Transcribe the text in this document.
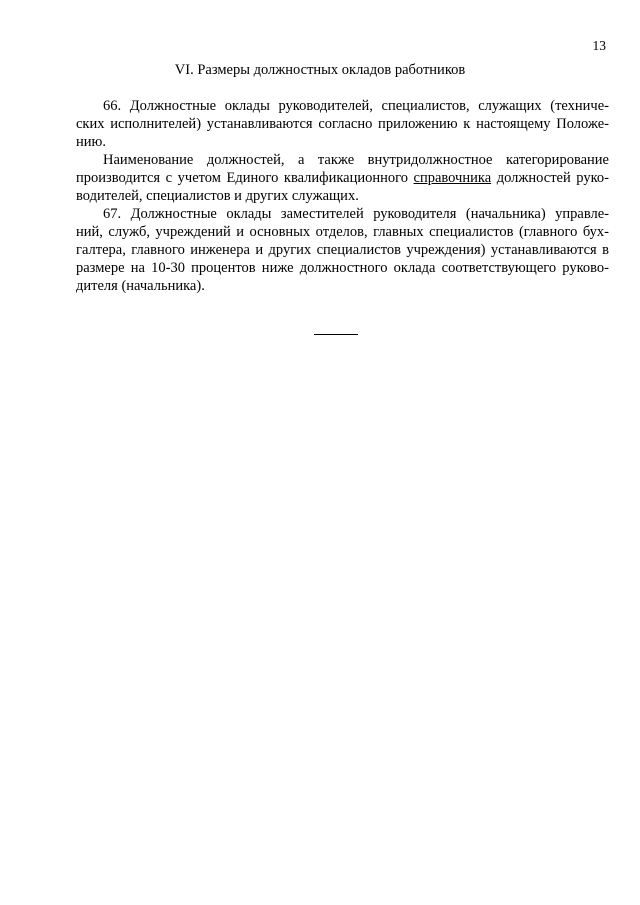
13
VI. Размеры должностных окладов работников
66. Должностные оклады руководителей, специалистов, служащих (техниче-
ских исполнителей) устанавливаются согласно приложению к настоящему Положе-
нию.
Наименование должностей, а также внутридолжностное категорирование
производится с учетом Единого квалификационного справочника должностей руко-
водителей, специалистов и других служащих.
67. Должностные оклады заместителей руководителя (начальника) управле-
ний, служб, учреждений и основных отделов, главных специалистов (главного бух-
галтера, главного инженера и других специалистов учреждения) устанавливаются в
размере на 10-30 процентов ниже должностного оклада соответствующего руково-
дителя (начальника).
